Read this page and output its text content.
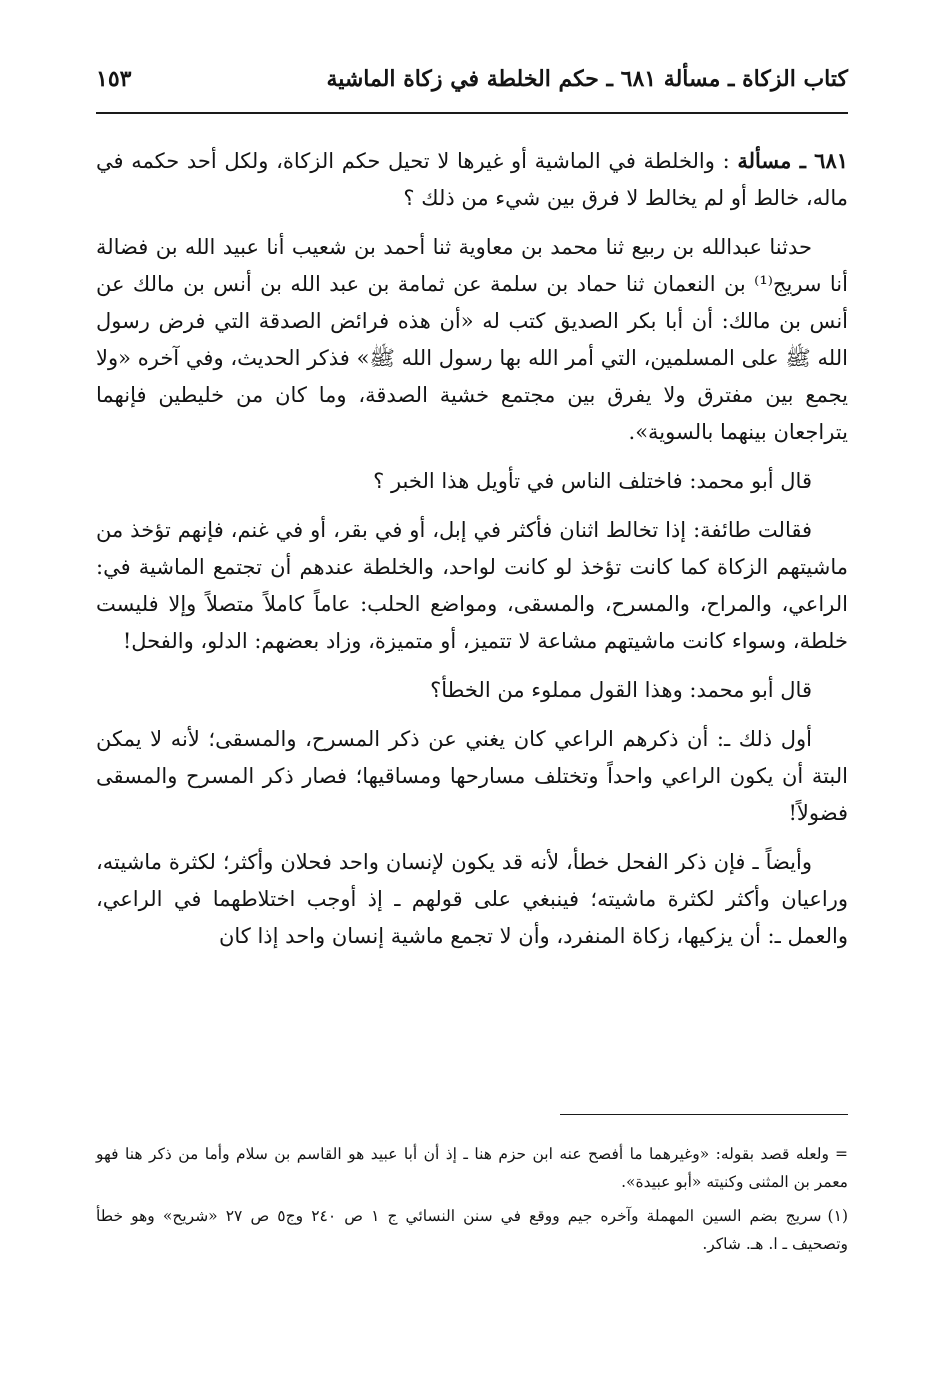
كتاب الزكاة ـ مسألة ٦٨١ ـ حكم الخلطة في زكاة الماشية
١٥٣

٦٨١ ـ مسألة : والخلطة في الماشية أو غيرها لا تحيل حكم الزكاة، ولكل أحد حكمه في ماله، خالط أو لم يخالط لا فرق بين شيء من ذلك ؟

حدثنا عبدالله بن ربيع ثنا محمد بن معاوية ثنا أحمد بن شعيب أنا عبيد الله بن فضالة أنا سريج⁽¹⁾ بن النعمان ثنا حماد بن سلمة عن ثمامة بن عبد الله بن أنس بن مالك عن أنس بن مالك: أن أبا بكر الصديق كتب له «أن هذه فرائض الصدقة التي فرض رسول الله ﷺ على المسلمين، التي أمر الله بها رسول الله ﷺ» فذكر الحديث، وفي آخره «ولا يجمع بين مفترق ولا يفرق بين مجتمع خشية الصدقة، وما كان من خليطين فإنهما يتراجعان بينهما بالسوية».

قال أبو محمد: فاختلف الناس في تأويل هذا الخبر ؟

فقالت طائفة: إذا تخالط اثنان فأكثر في إبل، أو في بقر، أو في غنم، فإنهم تؤخذ من ماشيتهم الزكاة كما كانت تؤخذ لو كانت لواحد، والخلطة عندهم أن تجتمع الماشية في: الراعي، والمراح، والمسرح، والمسقى، ومواضع الحلب: عاماً كاملاً متصلاً وإلا فليست خلطة، وسواء كانت ماشيتهم مشاعة لا تتميز، أو متميزة، وزاد بعضهم: الدلو، والفحل!

قال أبو محمد: وهذا القول مملوء من الخطأ؟

أول ذلك ـ: أن ذكرهم الراعي كان يغني عن ذكر المسرح، والمسقى؛ لأنه لا يمكن البتة أن يكون الراعي واحداً وتختلف مسارحها ومساقيها؛ فصار ذكر المسرح والمسقى فضولاً!

وأيضاً ـ فإن ذكر الفحل خطأ، لأنه قد يكون لإنسان واحد فحلان وأكثر؛ لكثرة ماشيته، وراعيان وأكثر لكثرة ماشيته؛ فينبغي على قولهم ـ إذ أوجب اختلاطهما في الراعي، والعمل ـ: أن يزكيها، زكاة المنفرد، وأن لا تجمع ماشية إنسان واحد إذا كان

=ولعله قصد بقوله: «وغيرهما ما أفصح عنه ابن حزم هنا ـ إذ أن أبا عبيد هو القاسم بن سلام وأما من ذكر هنا فهو معمر بن المثنى وكنيته «أبو عبيدة».

(١)سريج بضم السين المهملة وآخره جيم ووقع في سنن النسائي ج ١ ص ٢٤٠ وج٥ ص ٢٧ «شريح» وهو خطأ وتصحيف ـ ا. هـ. شاكر.
